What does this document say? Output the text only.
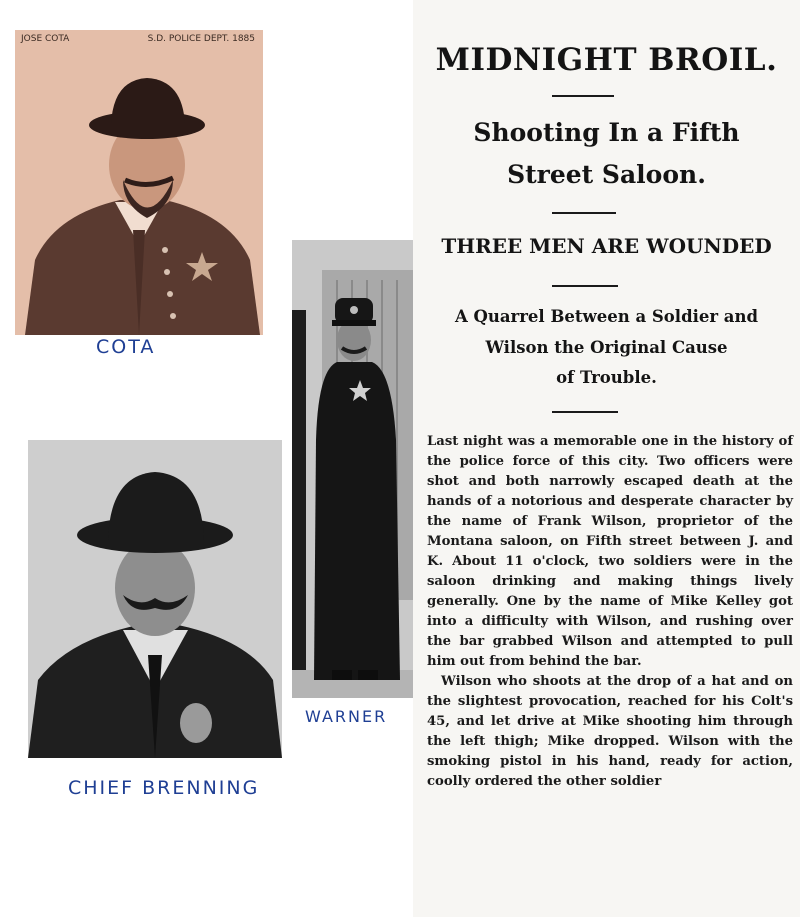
JOSE COTA	S.D. POLICE DEPT. 1885
COTA
CHIEF BRENNING
WARNER
MIDNIGHT BROIL.
Shooting In a Fifth
Street Saloon.
THREE MEN ARE WOUNDED
A Quarrel Between a Soldier and
Wilson the Original Cause
of Trouble.

Last night was a memorable one in the history of the police force of this city. Two officers were shot and both narrowly escaped death at the hands of a notorious and desperate character by the name of Frank Wilson, proprietor of the Montana saloon, on Fifth street between J. and K. About 11 o'clock, two soldiers were in the saloon drinking and making things lively generally. One by the name of Mike Kelley got into a difficulty with Wilson, and rushing over the bar grabbed Wilson and attempted to pull him out from behind the bar.

Wilson who shoots at the drop of a hat and on the slightest provocation, reached for his Colt's 45, and let drive at Mike shooting him through the left thigh; Mike dropped. Wilson with the smoking pistol in his hand, ready for action, coolly ordered the other soldier
